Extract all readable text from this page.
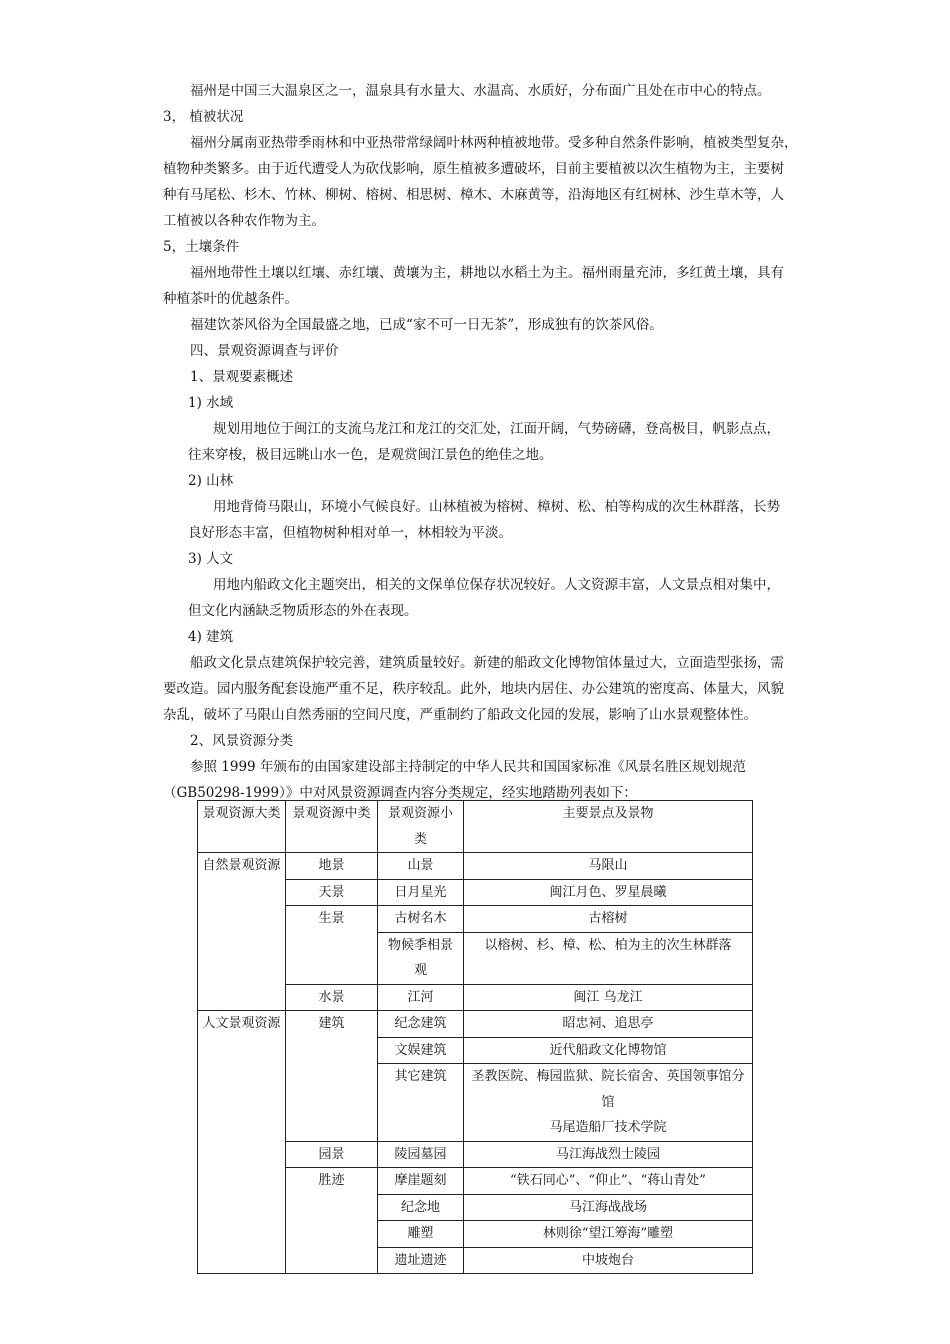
福州是中国三大温泉区之一，温泉具有水量大、水温高、水质好，分布面广且处在市中心的特点。
3， 植被状况
福州分属南亚热带季雨林和中亚热带常绿阔叶林两种植被地带。受多种自然条件影响，植被类型复杂，
植物种类繁多。由于近代遭受人为砍伐影响，原生植被多遭破坏，目前主要植被以次生植物为主，主要树
种有马尾松、杉木、竹林、柳树、榕树、相思树、樟木、木麻黄等，沿海地区有红树林、沙生草木等，人
工植被以各种农作物为主。
5，土壤条件
福州地带性土壤以红壤、赤红壤、黄壤为主，耕地以水稻土为主。福州雨量充沛，多红黄土壤，具有
种植茶叶的优越条件。
福建饮茶风俗为全国最盛之地，已成“家不可一日无茶”，形成独有的饮茶风俗。
四、景观资源调查与评价
1、景观要素概述
1) 水域
规划用地位于闽江的支流乌龙江和龙江的交汇处，江面开阔，气势磅礴，登高极目，帆影点点，
往来穿梭，极目远眺山水一色，是观赏闽江景色的绝佳之地。
2) 山林
用地背倚马限山，环境小气候良好。山林植被为榕树、樟树、松、柏等构成的次生林群落，长势
良好形态丰富，但植物树种相对单一，林相较为平淡。
3) 人文
用地内船政文化主题突出，相关的文保单位保存状况较好。人文资源丰富，人文景点相对集中，
但文化内涵缺乏物质形态的外在表现。
4) 建筑
船政文化景点建筑保护较完善，建筑质量较好。新建的船政文化博物馆体量过大，立面造型张扬，需
要改造。园内服务配套设施严重不足，秩序较乱。此外，地块内居住、办公建筑的密度高、体量大，风貌
杂乱，破坏了马限山自然秀丽的空间尺度，严重制约了船政文化园的发展，影响了山水景观整体性。
2、风景资源分类
参照 1999 年颁布的由国家建设部主持制定的中华人民共和国国家标准《风景名胜区规划规范
（GB50298-1999）》中对风景资源调查内容分类规定，经实地踏勘列表如下：
景观资源大类	景观资源中类	景观资源小类	主要景点及景物
自然景观资源	地景	山景	马限山
	天景	日月星光	闽江月色、罗星晨曦
	生景	古树名木	古榕树
		物候季相景观	以榕树、杉、樟、松、柏为主的次生林群落
	水景	江河	闽江 乌龙江
人文景观资源	建筑	纪念建筑	昭忠祠、追思亭
		文娱建筑	近代船政文化博物馆
		其它建筑	圣教医院、梅园监狱、院长宿舍、英国领事馆分馆
马尾造船厂技术学院

	园景	陵园墓园	马江海战烈士陵园
	胜迹	摩崖题刻	“铁石同心”、“仰止”、“蒋山青处”
		纪念地	马江海战战场
		雕塑	林则徐“望江筹海”雕塑
		遗址遗迹	中坡炮台
